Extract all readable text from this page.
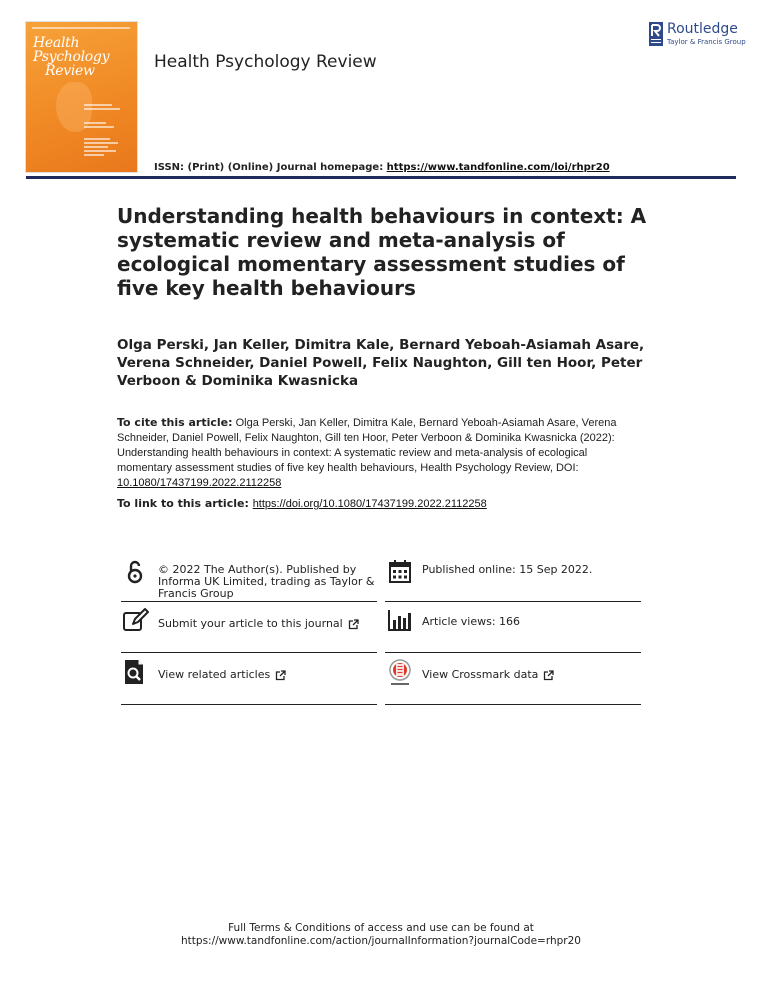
Health
Psychology
Review	Health Psychology Review
ISSN: (Print) (Online) Journal homepage: https://www.tandfonline.com/loi/rhpr20
Routledge
Taylor & Francis Group
Understanding health behaviours in context: A systematic review and meta-analysis of ecological momentary assessment studies of five key health behaviours
Olga Perski, Jan Keller, Dimitra Kale, Bernard Yeboah-Asiamah Asare, Verena Schneider, Daniel Powell, Felix Naughton, Gill ten Hoor, Peter Verboon & Dominika Kwasnicka
To cite this article: Olga Perski, Jan Keller, Dimitra Kale, Bernard Yeboah-Asiamah Asare, Verena Schneider, Daniel Powell, Felix Naughton, Gill ten Hoor, Peter Verboon & Dominika Kwasnicka (2022): Understanding health behaviours in context: A systematic review and meta-analysis of ecological momentary assessment studies of five key health behaviours, Health Psychology Review, DOI: 10.1080/17437199.2022.2112258
To link to this article: https://doi.org/10.1080/17437199.2022.2112258
© 2022 The Author(s). Published by Informa UK Limited, trading as Taylor & Francis Group
Published online: 15 Sep 2022.
Submit your article to this journal	Article views: 166
View related articles	View Crossmark data
Full Terms & Conditions of access and use can be found at
https://www.tandfonline.com/action/journalInformation?journalCode=rhpr20
